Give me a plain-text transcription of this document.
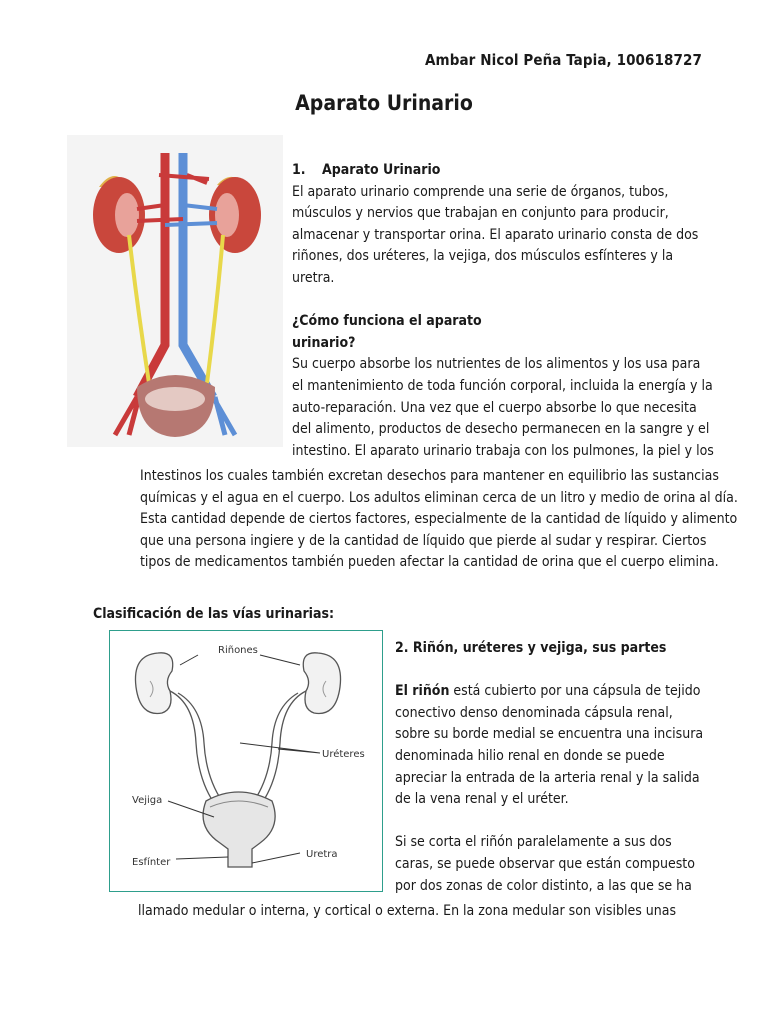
Ambar Nicol Peña Tapia, 100618727
Aparato Urinario
1. Aparato Urinario
El aparato urinario comprende una serie de órganos, tubos,
músculos y nervios que trabajan en conjunto para producir,
almacenar y transportar orina. El aparato urinario consta de dos
riñones, dos uréteres, la vejiga, dos músculos esfínteres y la
uretra.
¿Cómo funciona el aparato
urinario?
Su cuerpo absorbe los nutrientes de los alimentos y los usa para
el mantenimiento de toda función corporal, incluida la energía y la
auto-reparación. Una vez que el cuerpo absorbe lo que necesita
del alimento, productos de desecho permanecen en la sangre y el
intestino. El aparato urinario trabaja con los pulmones, la piel y los
Intestinos los cuales también excretan desechos para mantener en equilibrio las sustancias
químicas y el agua en el cuerpo. Los adultos eliminan cerca de un litro y medio de orina al día.
Esta cantidad depende de ciertos factores, especialmente de la cantidad de líquido y alimento
que una persona ingiere y de la cantidad de líquido que pierde al sudar y respirar. Ciertos
tipos de medicamentos también pueden afectar la cantidad de orina que el cuerpo elimina.
Clasificación de las vías urinarias:
Riñones
Uréteres
Vejiga
Uretra
Esfínter
2. Riñón, uréteres y vejiga, sus partes
El riñón está cubierto por una cápsula de tejido
conectivo denso denominada cápsula renal,
sobre su borde medial se encuentra una incisura
denominada hilio renal en donde se puede
apreciar la entrada de la arteria renal y la salida
de la vena renal y el uréter.
Si se corta el riñón paralelamente a sus dos
caras, se puede observar que están compuesto
por dos zonas de color distinto, a las que se ha
llamado medular o interna, y cortical o externa. En la zona medular son visibles unas
